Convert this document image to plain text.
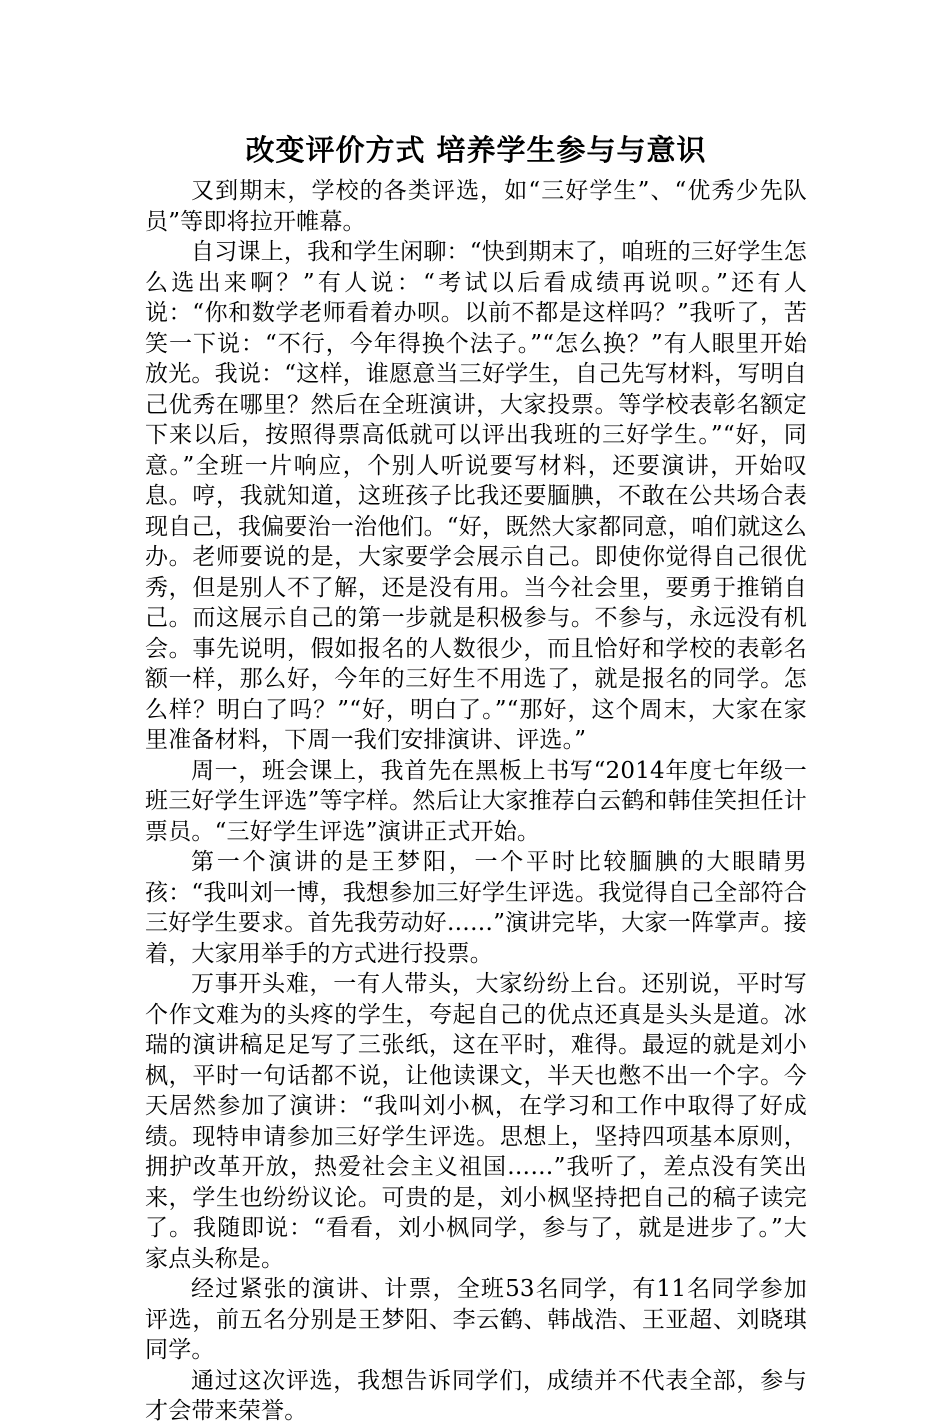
改变评价方式 培养学生参与与意识

又到期末，学校的各类评选，如“三好学生”、“优秀少先队员”等即将拉开帷幕。

自习课上，我和学生闲聊：“快到期末了，咱班的三好学生怎么选出来啊？”有人说：“考试以后看成绩再说呗。”还有人说：“你和数学老师看着办呗。以前不都是这样吗？”我听了，苦笑一下说：“不行，今年得换个法子。”“怎么换？”有人眼里开始放光。我说：“这样，谁愿意当三好学生，自己先写材料，写明自己优秀在哪里？然后在全班演讲，大家投票。等学校表彰名额定下来以后，按照得票高低就可以评出我班的三好学生。”“好，同意。”全班一片响应，个别人听说要写材料，还要演讲，开始叹息。哼，我就知道，这班孩子比我还要腼腆，不敢在公共场合表现自己，我偏要治一治他们。“好，既然大家都同意，咱们就这么办。老师要说的是，大家要学会展示自己。即使你觉得自己很优秀，但是别人不了解，还是没有用。当今社会里，要勇于推销自己。而这展示自己的第一步就是积极参与。不参与，永远没有机会。事先说明，假如报名的人数很少，而且恰好和学校的表彰名额一样，那么好，今年的三好生不用选了，就是报名的同学。怎么样？明白了吗？”“好，明白了。”“那好，这个周末，大家在家里准备材料，下周一我们安排演讲、评选。”

周一，班会课上，我首先在黑板上书写“2014年度七年级一班三好学生评选”等字样。然后让大家推荐白云鹤和韩佳笑担任计票员。“三好学生评选”演讲正式开始。

第一个演讲的是王梦阳，一个平时比较腼腆的大眼睛男孩：“我叫刘一博，我想参加三好学生评选。我觉得自己全部符合三好学生要求。首先我劳动好……”演讲完毕，大家一阵掌声。接着，大家用举手的方式进行投票。

万事开头难，一有人带头，大家纷纷上台。还别说，平时写个作文难为的头疼的学生，夸起自己的优点还真是头头是道。冰瑞的演讲稿足足写了三张纸，这在平时，难得。最逗的就是刘小枫，平时一句话都不说，让他读课文，半天也憋不出一个字。今天居然参加了演讲：“我叫刘小枫，在学习和工作中取得了好成绩。现特申请参加三好学生评选。思想上，坚持四项基本原则，拥护改革开放，热爱社会主义祖国……”我听了，差点没有笑出来，学生也纷纷议论。可贵的是，刘小枫坚持把自己的稿子读完了。我随即说：“看看，刘小枫同学，参与了，就是进步了。”大家点头称是。

经过紧张的演讲、计票，全班53名同学，有11名同学参加评选，前五名分别是王梦阳、李云鹤、韩战浩、王亚超、刘晓琪同学。

通过这次评选，我想告诉同学们，成绩并不代表全部，参与才会带来荣誉。
